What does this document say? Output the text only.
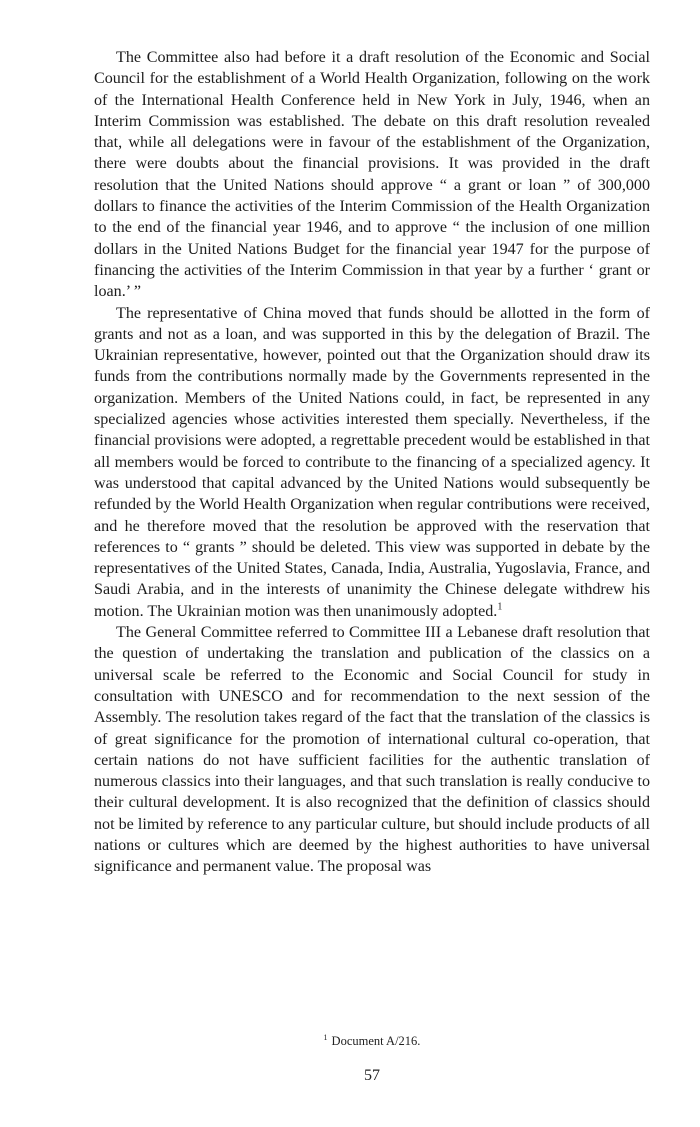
The Committee also had before it a draft resolution of the Economic and Social Council for the establishment of a World Health Organization, following on the work of the International Health Conference held in New York in July, 1946, when an Interim Commission was established. The debate on this draft resolution revealed that, while all delegations were in favour of the establishment of the Organization, there were doubts about the financial provisions. It was provided in the draft resolution that the United Nations should approve “ a grant or loan ” of 300,000 dollars to finance the activities of the Interim Commission of the Health Organization to the end of the financial year 1946, and to approve “ the inclusion of one million dollars in the United Nations Budget for the financial year 1947 for the purpose of financing the activities of the Interim Commission in that year by a further ‘ grant or loan.’ ”

The representative of China moved that funds should be allotted in the form of grants and not as a loan, and was supported in this by the delegation of Brazil. The Ukrainian representative, however, pointed out that the Organization should draw its funds from the contributions normally made by the Governments represented in the organization. Members of the United Nations could, in fact, be represented in any specialized agencies whose activities interested them specially. Nevertheless, if the financial provisions were adopted, a regrettable precedent would be established in that all members would be forced to contribute to the financing of a specialized agency. It was understood that capital advanced by the United Nations would subsequently be refunded by the World Health Organization when regular contributions were received, and he therefore moved that the resolution be approved with the reservation that references to “ grants ” should be deleted. This view was supported in debate by the representatives of the United States, Canada, India, Australia, Yugoslavia, France, and Saudi Arabia, and in the interests of unanimity the Chinese delegate withdrew his motion. The Ukrainian motion was then unanimously adopted.$^1$

The General Committee referred to Committee III a Lebanese draft resolution that the question of undertaking the translation and publication of the classics on a universal scale be referred to the Economic and Social Council for study in consultation with UNESCO and for recommendation to the next session of the Assembly. The resolution takes regard of the fact that the translation of the classics is of great significance for the promotion of international cultural co-operation, that certain nations do not have sufficient facilities for the authentic translation of numerous classics into their languages, and that such translation is really conducive to their cultural development. It is also recognized that the definition of classics should not be limited by reference to any particular culture, but should include products of all nations or cultures which are deemed by the highest authorities to have universal significance and permanent value. The proposal was

$^1$ Document A/216.
57
